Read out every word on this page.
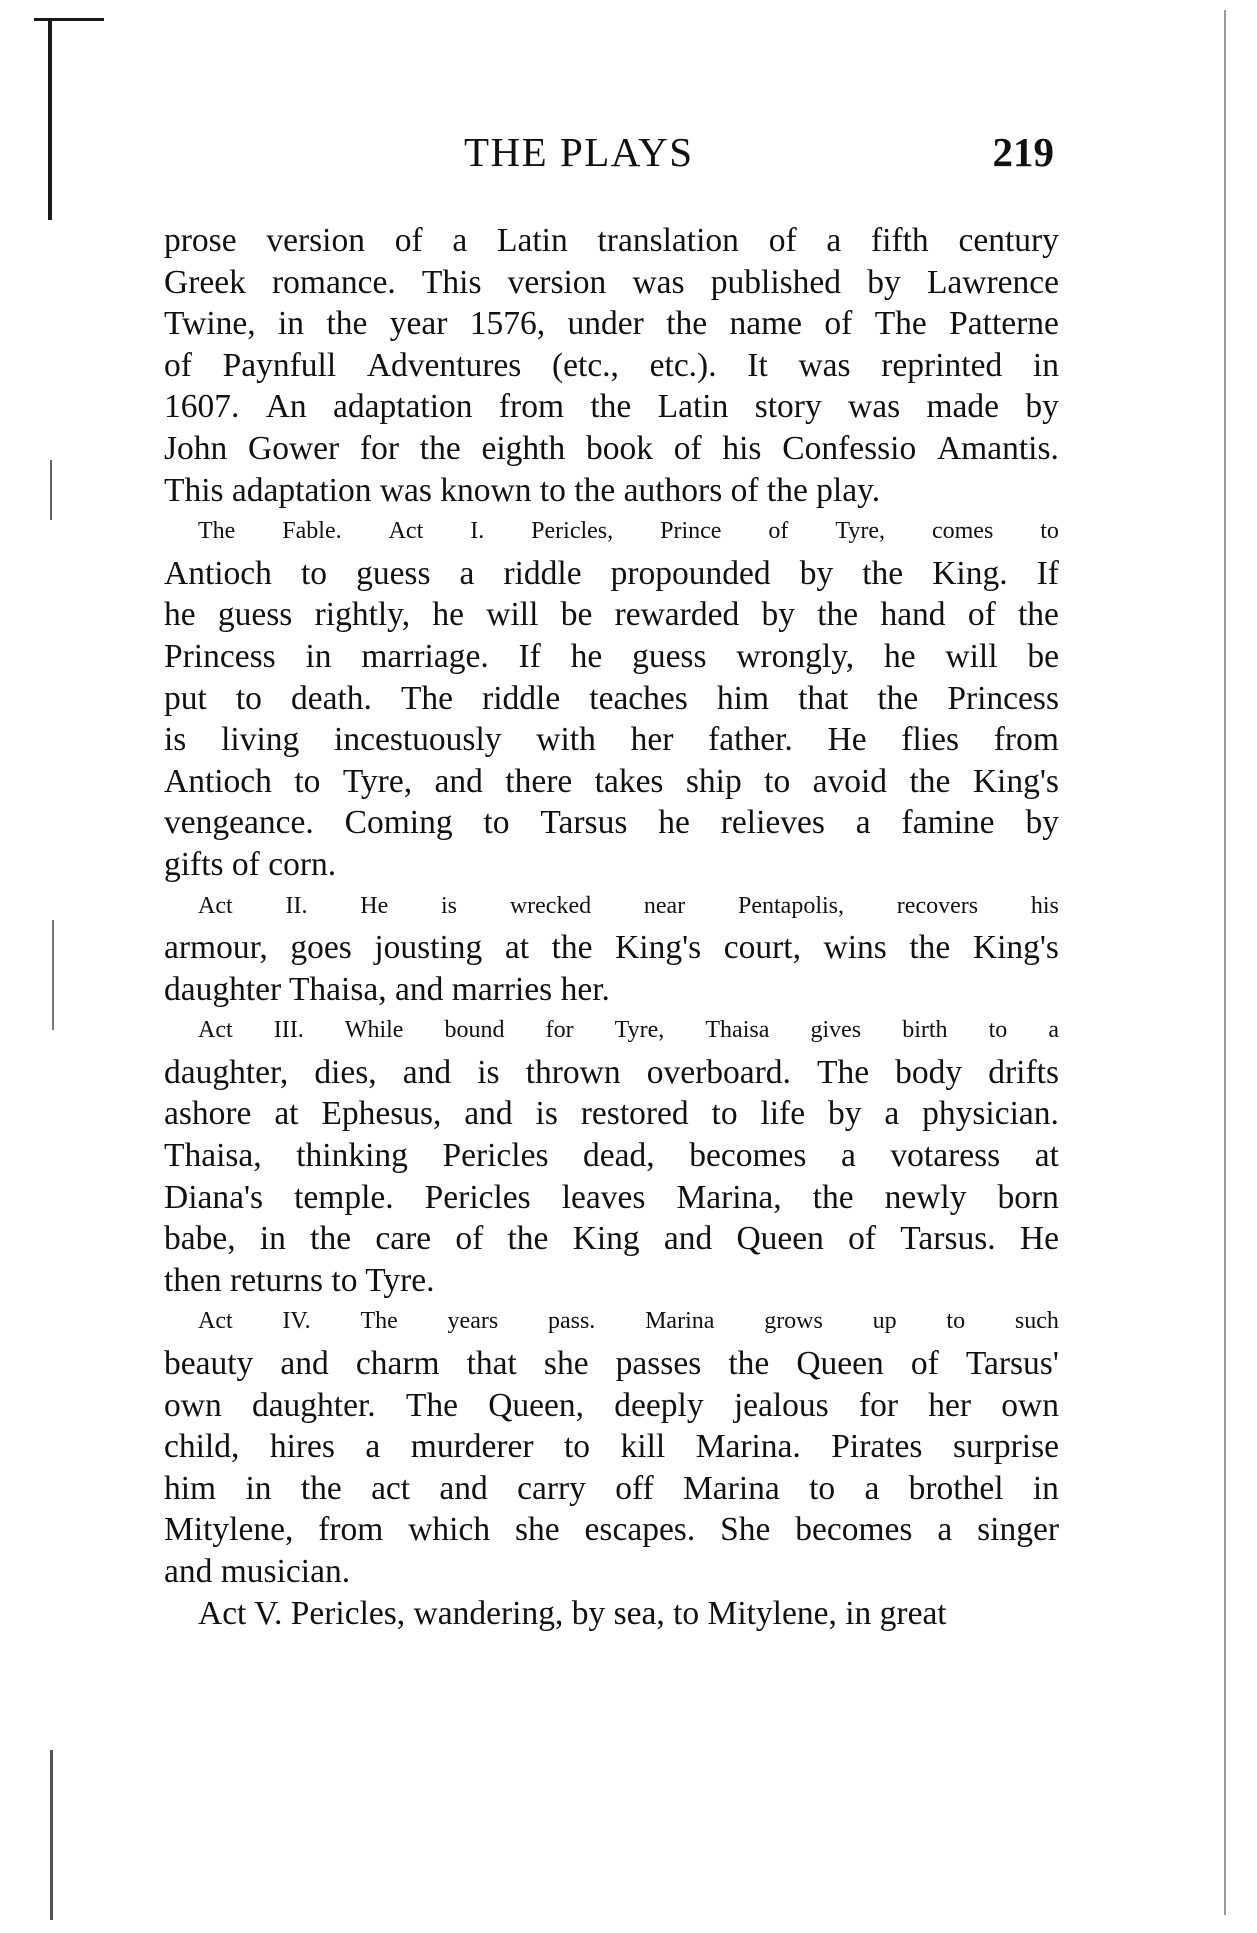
THE PLAYS	219
prose version of a Latin translation of a fifth century
Greek romance. This version was published by Lawrence
Twine, in the year 1576, under the name of The Patterne
of Paynfull Adventures (etc., etc.). It was reprinted in
1607. An adaptation from the Latin story was made by
John Gower for the eighth book of his Confessio Amantis.
This adaptation was known to the authors of the play.
The Fable. Act I. Pericles, Prince of Tyre, comes to
Antioch to guess a riddle propounded by the King. If
he guess rightly, he will be rewarded by the hand of the
Princess in marriage. If he guess wrongly, he will be
put to death. The riddle teaches him that the Princess
is living incestuously with her father. He flies from
Antioch to Tyre, and there takes ship to avoid the King's
vengeance. Coming to Tarsus he relieves a famine by
gifts of corn.
Act II. He is wrecked near Pentapolis, recovers his
armour, goes jousting at the King's court, wins the King's
daughter Thaisa, and marries her.
Act III. While bound for Tyre, Thaisa gives birth to a
daughter, dies, and is thrown overboard. The body drifts
ashore at Ephesus, and is restored to life by a physician.
Thaisa, thinking Pericles dead, becomes a votaress at
Diana's temple. Pericles leaves Marina, the newly born
babe, in the care of the King and Queen of Tarsus. He
then returns to Tyre.
Act IV. The years pass. Marina grows up to such
beauty and charm that she passes the Queen of Tarsus'
own daughter. The Queen, deeply jealous for her own
child, hires a murderer to kill Marina. Pirates surprise
him in the act and carry off Marina to a brothel in
Mitylene, from which she escapes. She becomes a singer
and musician.
Act V. Pericles, wandering, by sea, to Mitylene, in great
